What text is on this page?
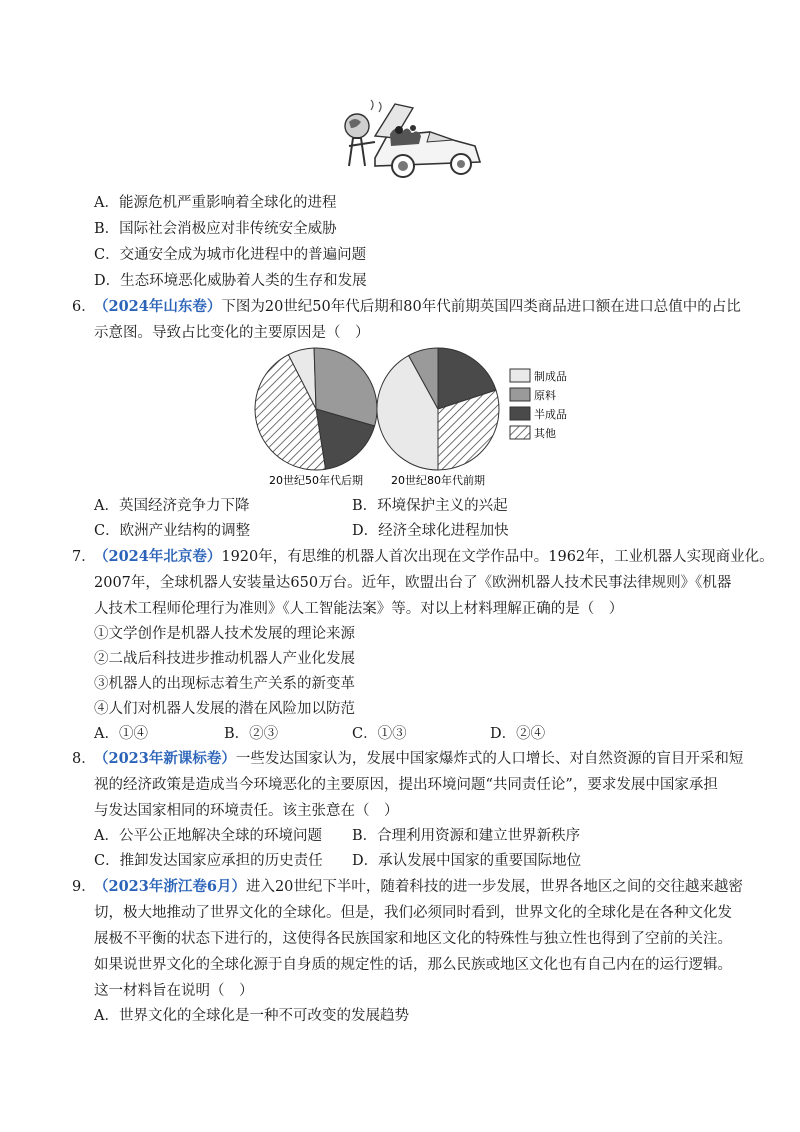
A．能源危机严重影响着全球化的进程
B．国际社会消极应对非传统安全威胁
C．交通安全成为城市化进程中的普遍问题
D．生态环境恶化威胁着人类的生存和发展
6．（2024年山东卷）下图为20世纪50年代后期和80年代前期英国四类商品进口额在进口总值中的占比
示意图。导致占比变化的主要原因是（　）
20世纪50年代后期	20世纪80年代前期
制成品
原料
半成品
其他
A．英国经济竞争力下降	B．环境保护主义的兴起
C．欧洲产业结构的调整	D．经济全球化进程加快
7．（2024年北京卷）1920年，有思维的机器人首次出现在文学作品中。1962年，工业机器人实现商业化。
2007年，全球机器人安装量达650万台。近年，欧盟出台了《欧洲机器人技术民事法律规则》《机器
人技术工程师伦理行为准则》《人工智能法案》等。对以上材料理解正确的是（　）
①文学创作是机器人技术发展的理论来源
②二战后科技进步推动机器人产业化发展
③机器人的出现标志着生产关系的新变革
④人们对机器人发展的潜在风险加以防范
A．①④	B．②③	C．①③	D．②④
8．（2023年新课标卷）一些发达国家认为，发展中国家爆炸式的人口增长、对自然资源的盲目开采和短
视的经济政策是造成当今环境恶化的主要原因，提出环境问题“共同责任论”，要求发展中国家承担
与发达国家相同的环境责任。该主张意在（　）
A．公平公正地解决全球的环境问题 B．合理利用资源和建立世界新秩序
C．推卸发达国家应承担的历史责任 D．承认发展中国家的重要国际地位
9．（2023年浙江卷6月）进入20世纪下半叶，随着科技的进一步发展，世界各地区之间的交往越来越密
切，极大地推动了世界文化的全球化。但是，我们必须同时看到，世界文化的全球化是在各种文化发
展极不平衡的状态下进行的，这使得各民族国家和地区文化的特殊性与独立性也得到了空前的关注。
如果说世界文化的全球化源于自身质的规定性的话，那么民族或地区文化也有自己内在的运行逻辑。
这一材料旨在说明（　）
A．世界文化的全球化是一种不可改变的发展趋势
